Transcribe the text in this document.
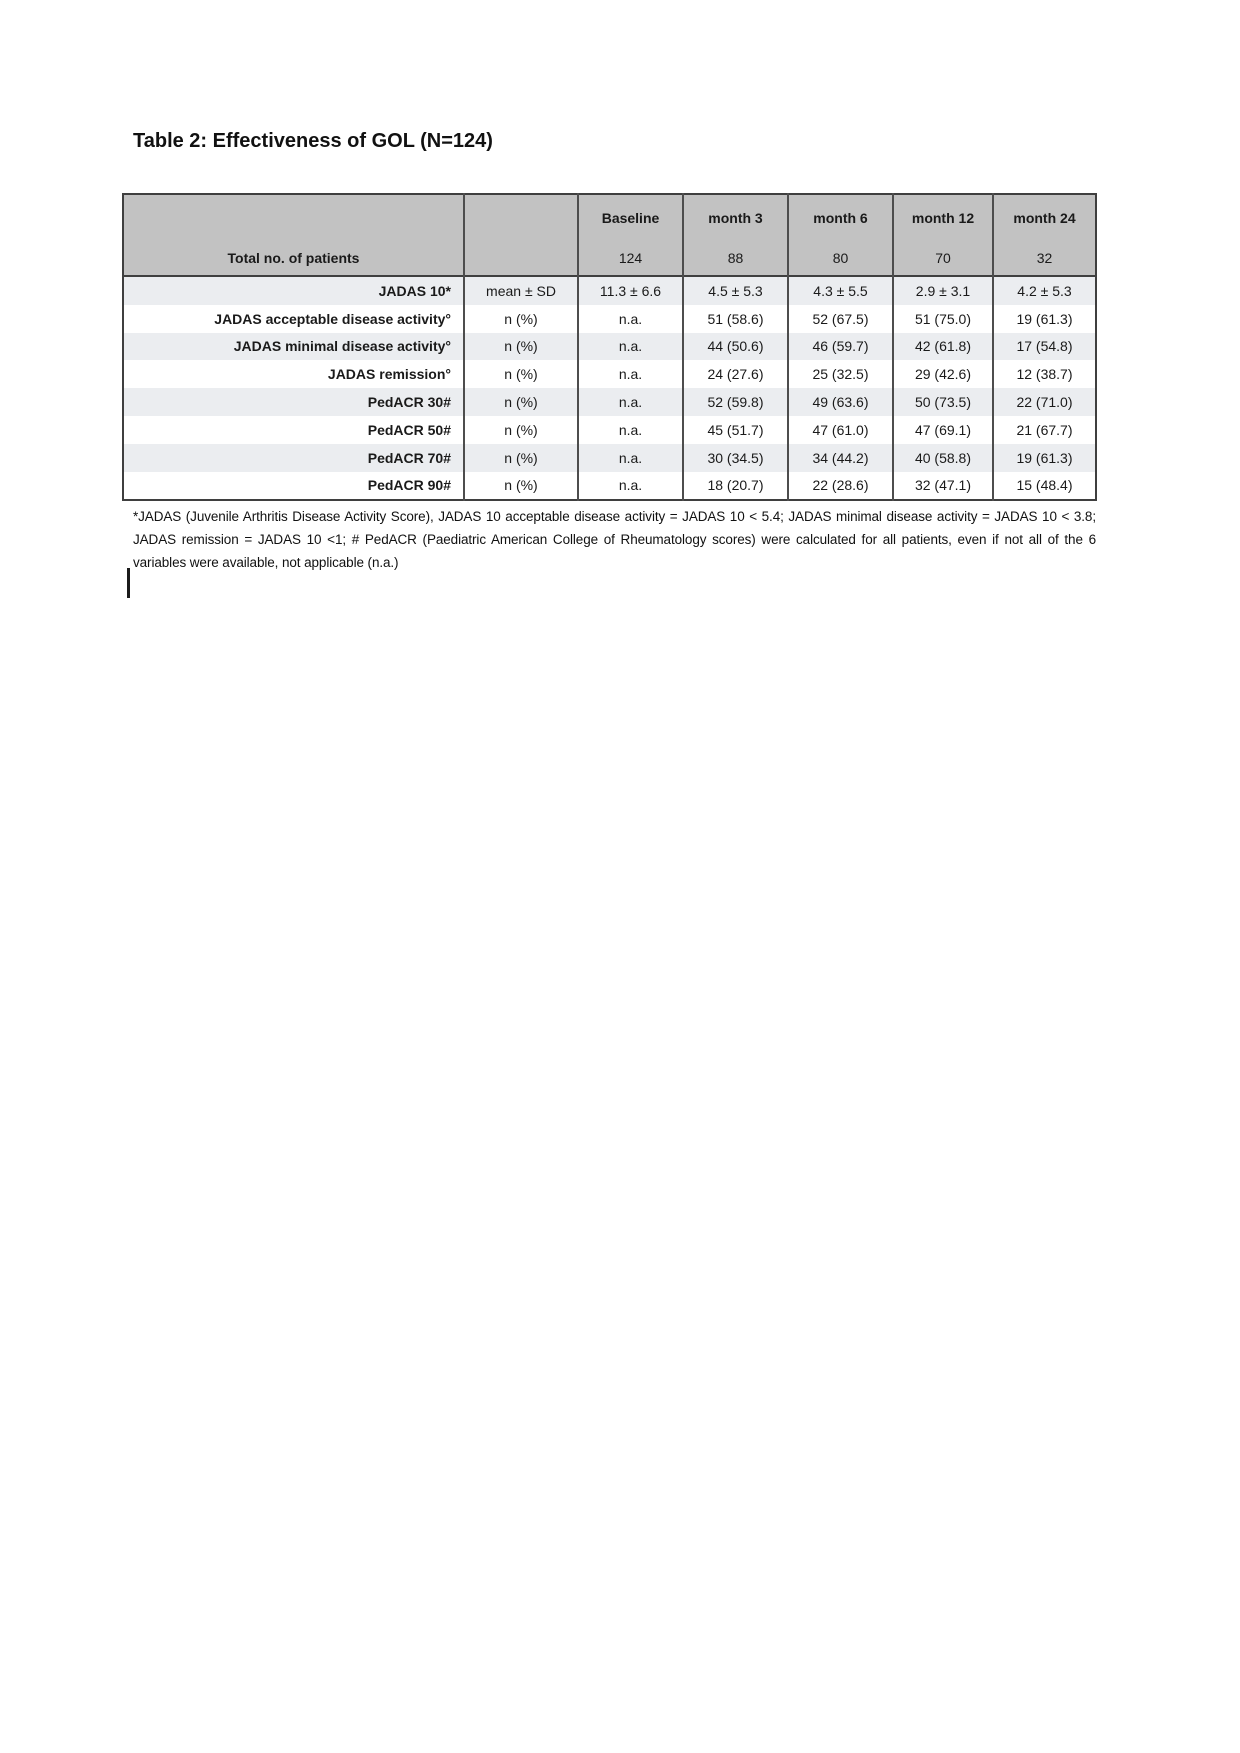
Table 2: Effectiveness of GOL (N=124)
		Baseline	month 3	month 6	month 12	month 24
Total no. of patients		124	88	80	70	32
JADAS 10*	mean ± SD	11.3 ± 6.6	4.5 ± 5.3	4.3 ± 5.5	2.9 ± 3.1	4.2 ± 5.3
JADAS acceptable disease activity°	n (%)	n.a.	51 (58.6)	52 (67.5)	51 (75.0)	19 (61.3)
JADAS minimal disease activity°	n (%)	n.a.	44 (50.6)	46 (59.7)	42 (61.8)	17 (54.8)
JADAS remission°	n (%)	n.a.	24 (27.6)	25 (32.5)	29 (42.6)	12 (38.7)
PedACR 30#	n (%)	n.a.	52 (59.8)	49 (63.6)	50 (73.5)	22 (71.0)
PedACR 50#	n (%)	n.a.	45 (51.7)	47 (61.0)	47 (69.1)	21 (67.7)
PedACR 70#	n (%)	n.a.	30 (34.5)	34 (44.2)	40 (58.8)	19 (61.3)
PedACR 90#	n (%)	n.a.	18 (20.7)	22 (28.6)	32 (47.1)	15 (48.4)
*JADAS (Juvenile Arthritis Disease Activity Score), JADAS 10 acceptable disease activity = JADAS 10 < 5.4; JADAS minimal disease activity = JADAS 10 < 3.8; JADAS remission = JADAS 10 <1; # PedACR (Paediatric American College of Rheumatology scores) were calculated for all patients, even if not all of the 6 variables were available, not applicable (n.a.)
